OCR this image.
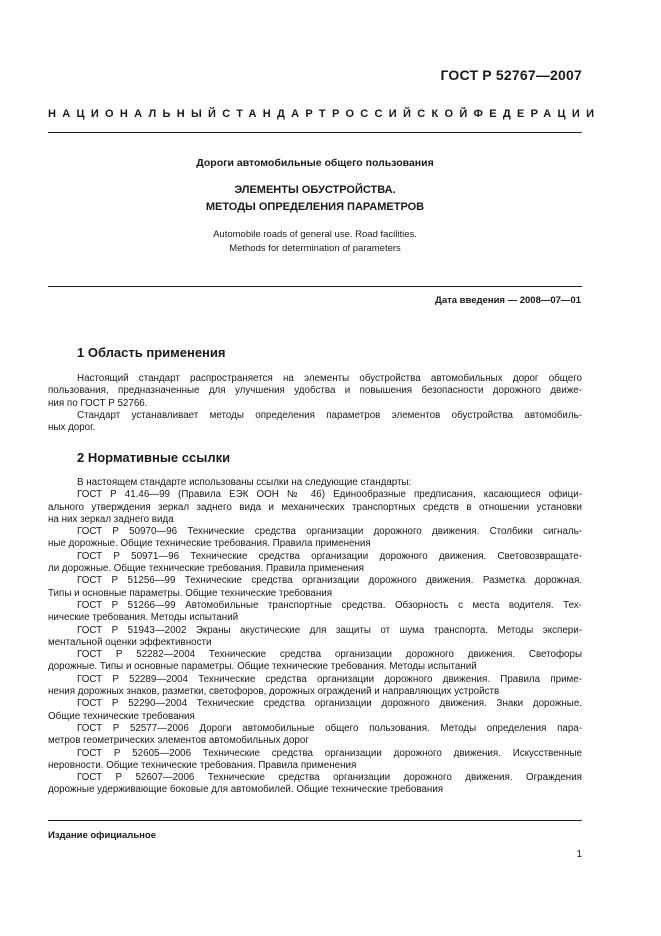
ГОСТ Р 52767—2007
НАЦИОНАЛЬНЫЙ СТАНДАРТ РОССИЙСКОЙ ФЕДЕРАЦИИ
Дороги автомобильные общего пользования
ЭЛЕМЕНТЫ ОБУСТРОЙСТВА.
МЕТОДЫ ОПРЕДЕЛЕНИЯ ПАРАМЕТРОВ
Automobile roads of general use. Road facilities.
Methods for determination of parameters
Дата введения — 2008—07—01
1 Область применения

Настоящий стандарт распространяется на элементы обустройства автомобильных дорог общего

пользования, предназначенные для улучшения удобства и повышения безопасности дорожного движе-

ния по ГОСТ Р 52766.

Стандарт устанавливает методы определения параметров элементов обустройства автомобиль-

ных дорог.

2 Нормативные ссылки

В настоящем стандарте использованы ссылки на следующие стандарты:

ГОСТ Р 41.46—99 (Правила ЕЭК ООН № 46) Единообразные предписания, касающиеся офици-

ального утверждения зеркал заднего вида и механических транспортных средств в отношении установки

на них зеркал заднего вида

ГОСТ Р 50970—96 Технические средства организации дорожного движения. Столбики сигналь-

ные дорожные. Общие технические требования. Правила применения

ГОСТ Р 50971—96 Технические средства организации дорожного движения. Световозвращате-

ли дорожные. Общие технические требования. Правила применения

ГОСТ Р 51256—99 Технические средства организации дорожного движения. Разметка дорожная.

Типы и основные параметры. Общие технические требования

ГОСТ Р 51266—99 Автомобильные транспортные средства. Обзорность с места водителя. Тех-

нические требования. Методы испытаний

ГОСТ Р 51943—2002 Экраны акустические для защиты от шума транспорта. Методы экспери-

ментальной оценки эффективности

ГОСТ Р 52282—2004 Технические средства организации дорожного движения. Светофоры

дорожные. Типы и основные параметры. Общие технические требования. Методы испытаний

ГОСТ Р 52289—2004 Технические средства организации дорожного движения. Правила приме-

нения дорожных знаков, разметки, светофоров, дорожных ограждений и направляющих устройств

ГОСТ Р 52290—2004 Технические средства организации дорожного движения. Знаки дорожные.

Общие технические требования

ГОСТ Р 52577—2006 Дороги автомобильные общего пользования. Методы определения пара-

метров геометрических элементов автомобильных дорог

ГОСТ Р 52605—2006 Технические средства организации дорожного движения. Искусственные

неровности. Общие технические требования. Правила применения

ГОСТ Р 52607—2006 Технические средства организации дорожного движения. Ограждения

дорожные удерживающие боковые для автомобилей. Общие технические требования

Издание официальное
1
